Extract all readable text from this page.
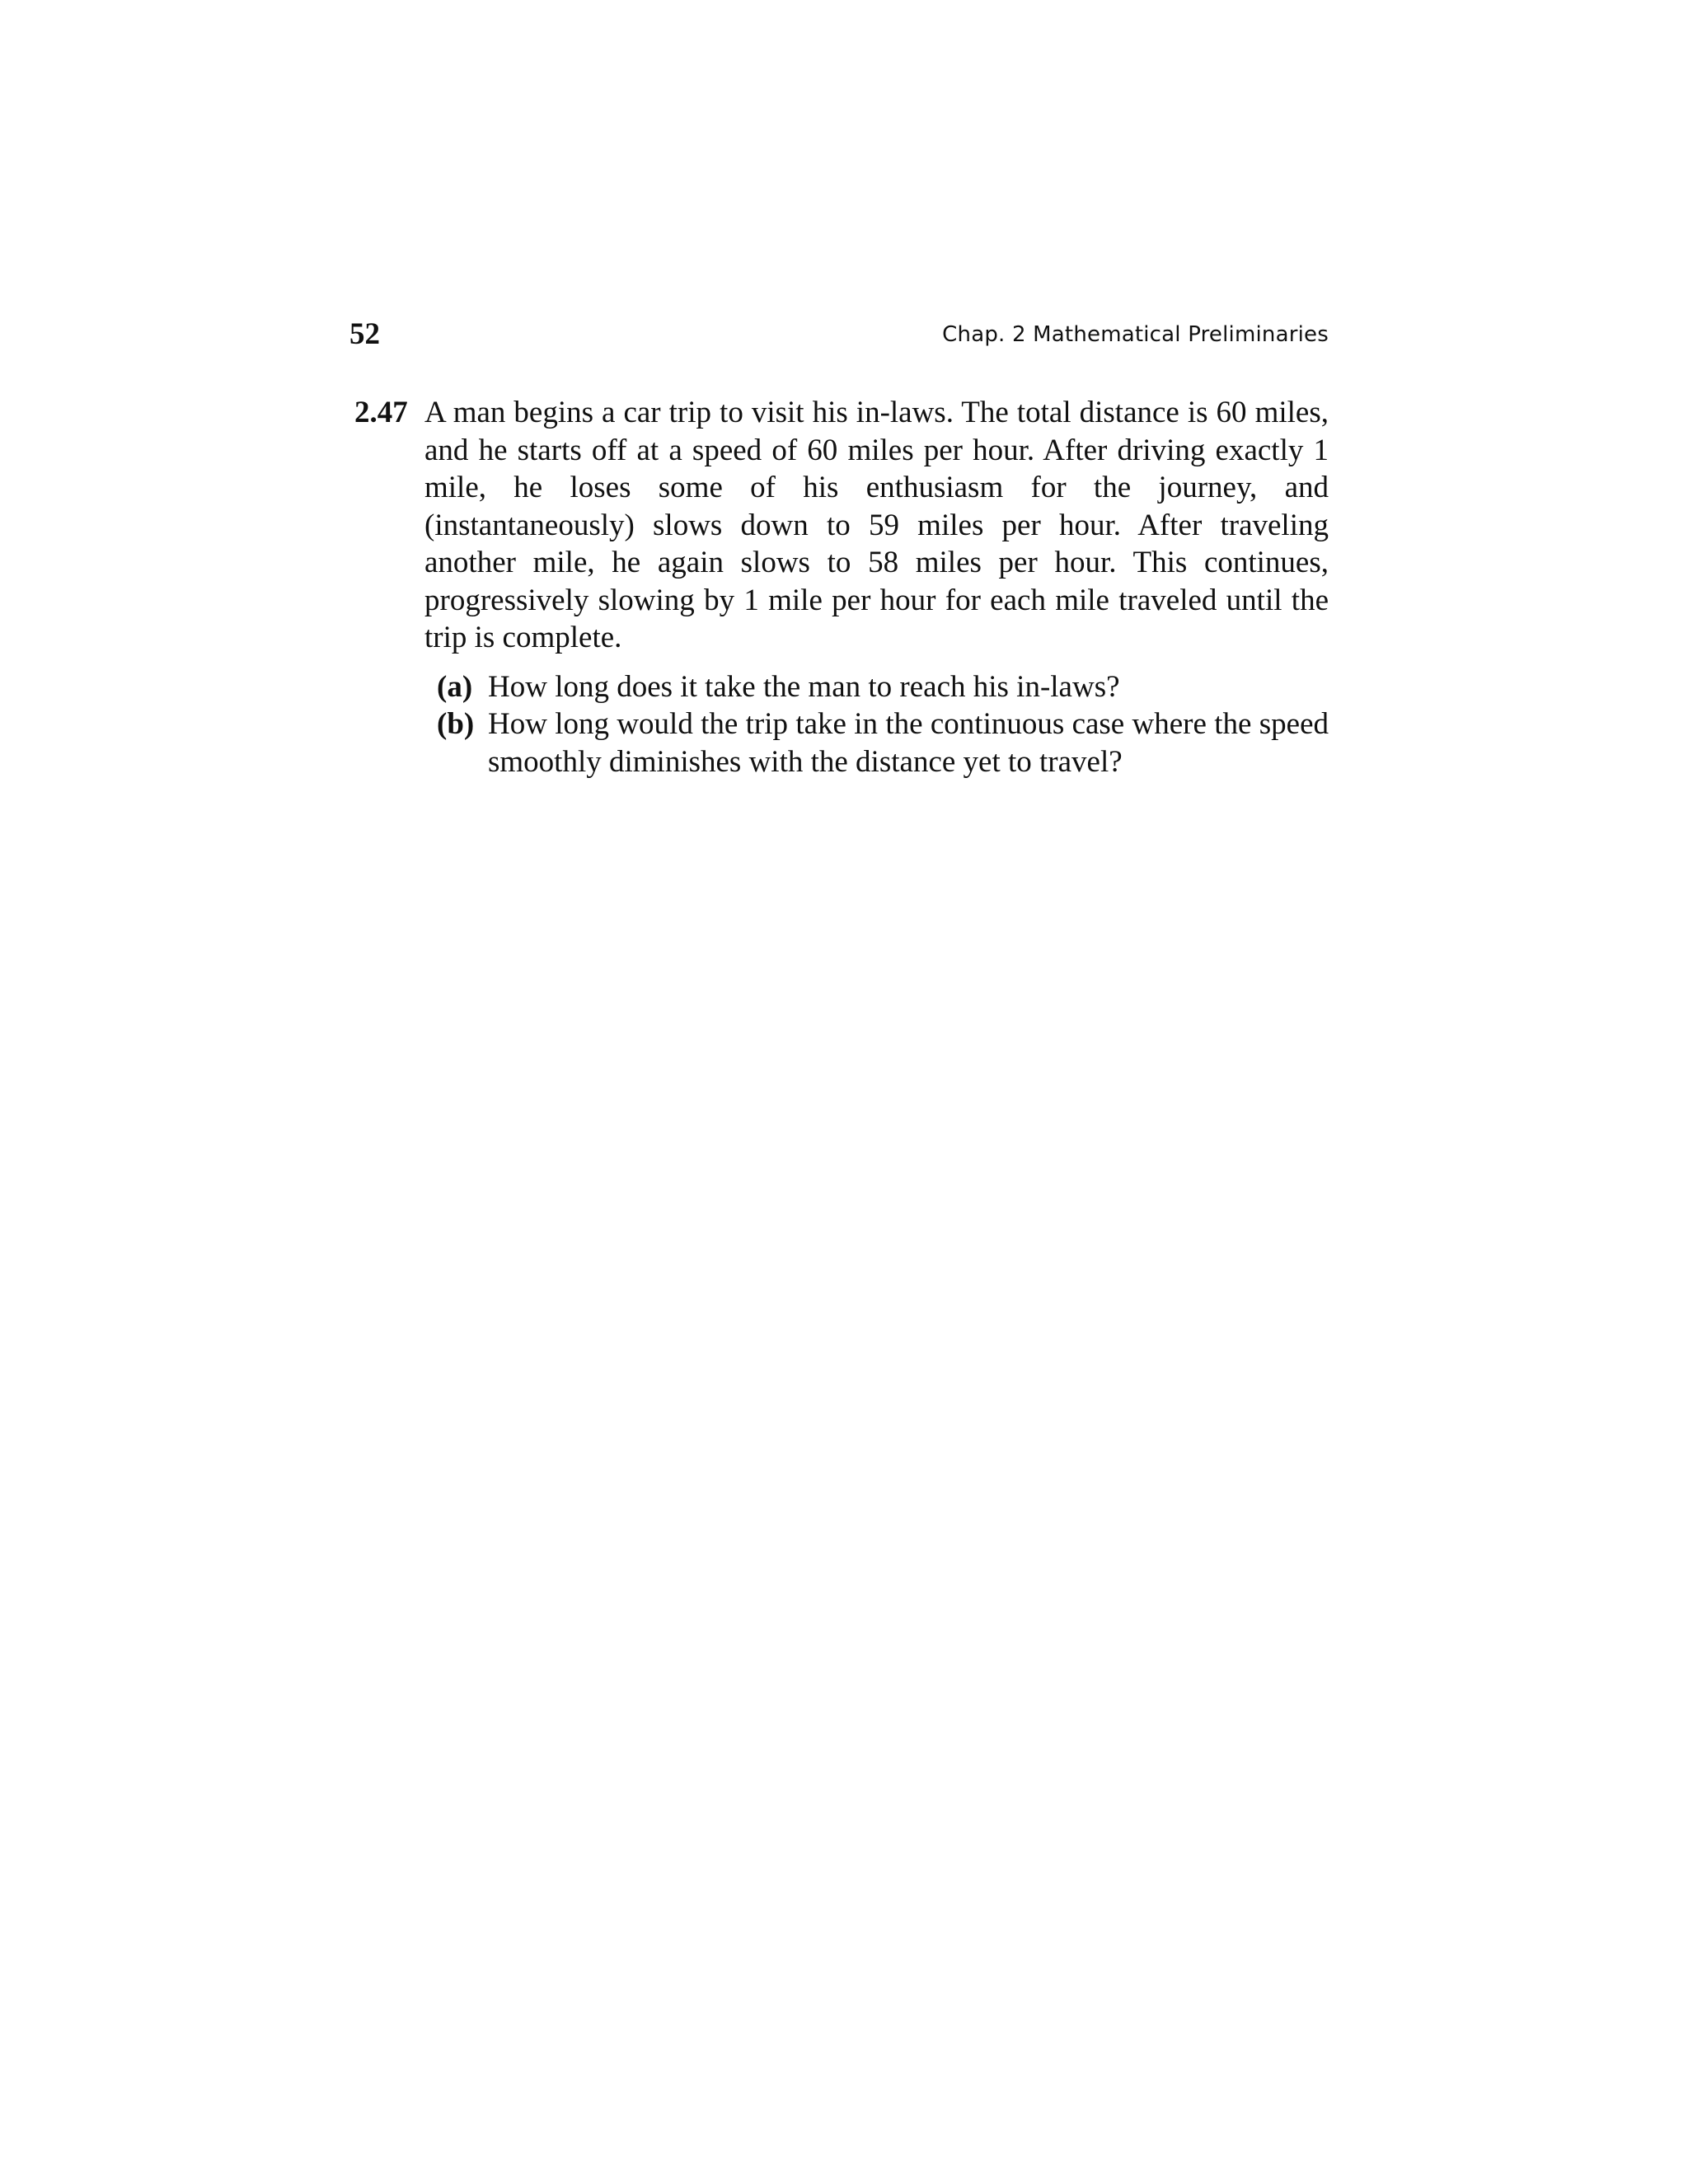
52	Chap. 2 Mathematical Preliminaries
2.47 A man begins a car trip to visit his in-laws. The total distance is 60 miles, and he starts off at a speed of 60 miles per hour. After driving exactly 1 mile, he loses some of his enthusiasm for the journey, and (instantaneously) slows down to 59 miles per hour. After traveling another mile, he again slows to 58 miles per hour. This continues, progressively slowing by 1 mile per hour for each mile traveled until the trip is complete.
(a) How long does it take the man to reach his in-laws?
(b) How long would the trip take in the continuous case where the speed smoothly diminishes with the distance yet to travel?
